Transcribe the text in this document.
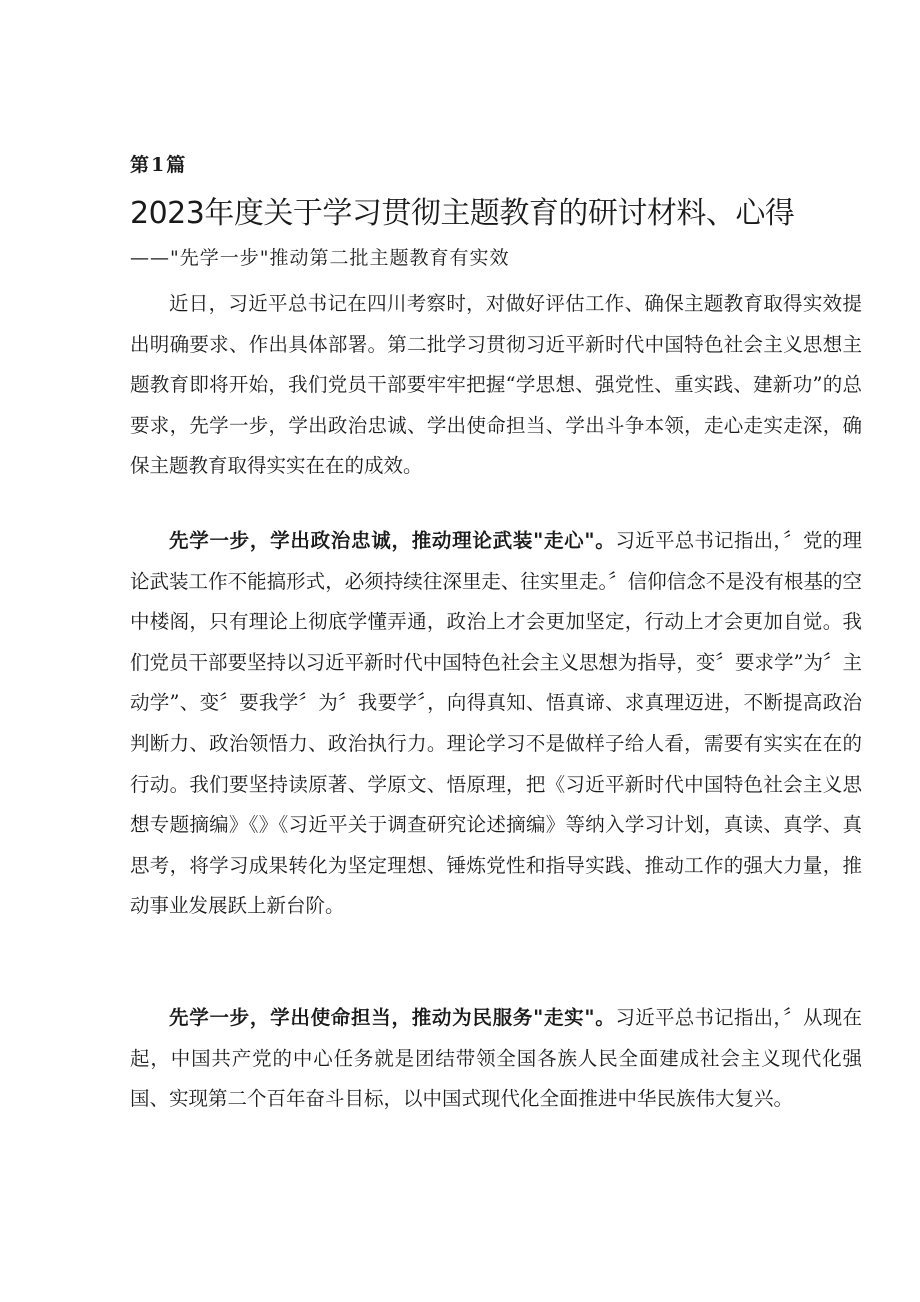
第1篇
2023年度关于学习贯彻主题教育的研讨材料、心得
——"先学一步"推动第二批主题教育有实效

近日，习近平总书记在四川考察时，对做好评估工作、确保主题教育取得实效提出明确要求、作出具体部署。第二批学习贯彻习近平新时代中国特色社会主义思想主题教育即将开始，我们党员干部要牢牢把握“学思想、强党性、重实践、建新功”的总要求，先学一步，学出政治忠诚、学出使命担当、学出斗争本领，走心走实走深，确保主题教育取得实实在在的成效。

先学一步，学出政治忠诚，推动理论武装"走心"。习近平总书记指出，〞党的理论武装工作不能搞形式，必须持续往深里走、往实里走。〞信仰信念不是没有根基的空中楼阁，只有理论上彻底学懂弄通，政治上才会更加坚定，行动上才会更加自觉。我们党员干部要坚持以习近平新时代中国特色社会主义思想为指导，变〞要求学”为〞主动学”、变〞要我学〞为〞我要学〞，向得真知、悟真谛、求真理迈进，不断提高政治判断力、政治领悟力、政治执行力。理论学习不是做样子给人看，需要有实实在在的行动。我们要坚持读原著、学原文、悟原理，把《习近平新时代中国特色社会主义思想专题摘编》《》《习近平关于调查研究论述摘编》等纳入学习计划，真读、真学、真思考，将学习成果转化为坚定理想、锤炼党性和指导实践、推动工作的强大力量，推动事业发展跃上新台阶。

先学一步，学出使命担当，推动为民服务"走实"。习近平总书记指出，〞从现在起，中国共产党的中心任务就是团结带领全国各族人民全面建成社会主义现代化强国、实现第二个百年奋斗目标，以中国式现代化全面推进中华民族伟大复兴。
